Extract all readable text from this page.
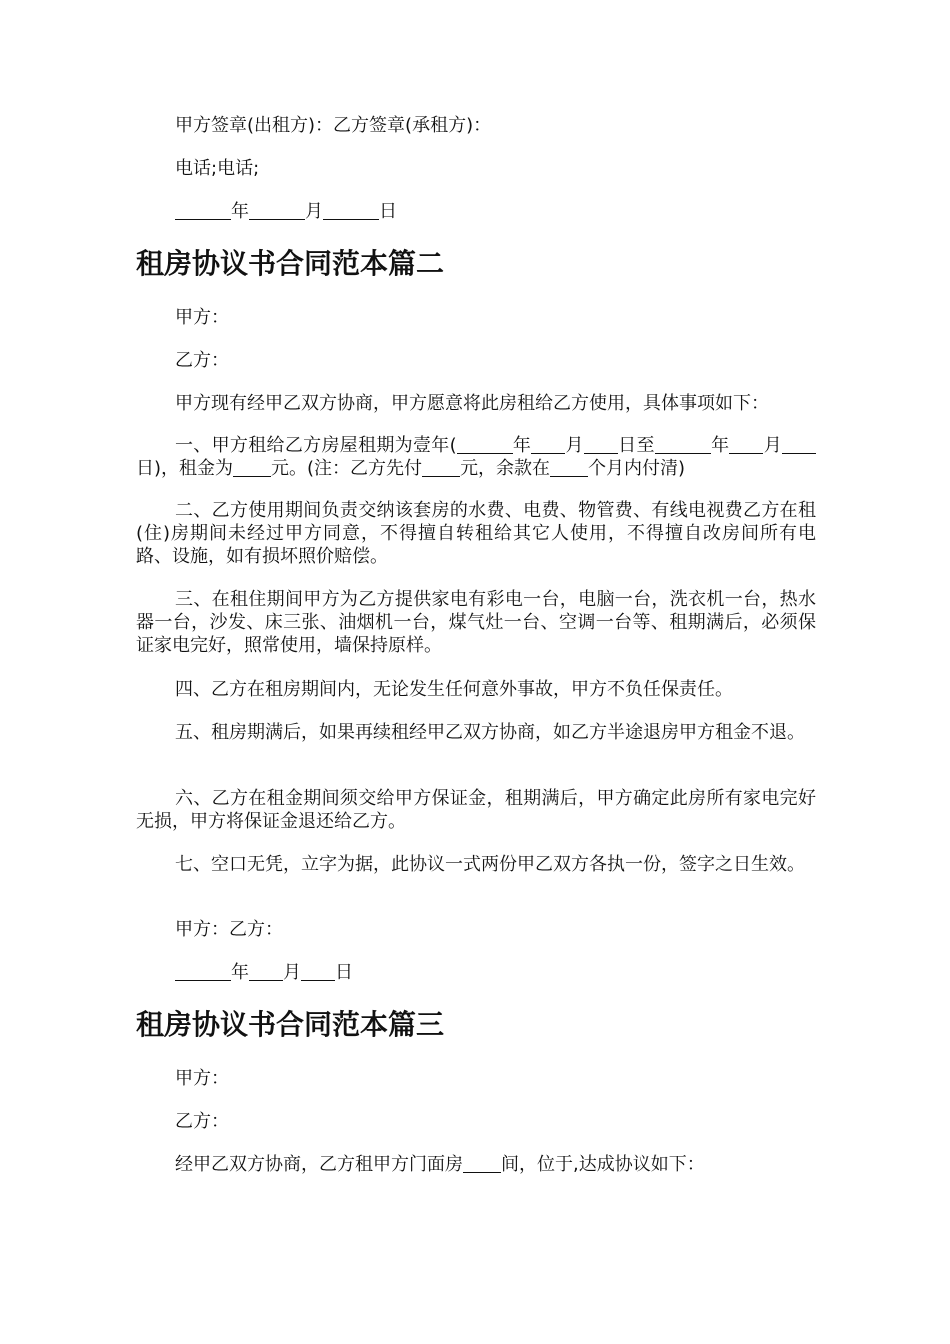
甲方签章(出租方)：乙方签章(承租方)：
电话;电话;
年	月	日
租房协议书合同范本篇二
甲方：
乙方：
甲方现有经甲乙双方协商，甲方愿意将此房租给乙方使用，具体事项如下：
一、甲方租给乙方房屋租期为壹年(	年 月 日至	年 月日)，租金为 元。(注：乙方先付 元，余款在 个月内付清)
二、乙方使用期间负责交纳该套房的水费、电费、物管费、有线电视费乙方在租(住)房期间未经过甲方同意，不得擅自转租给其它人使用，不得擅自改房间所有电路、设施，如有损坏照价赔偿。
三、在租住期间甲方为乙方提供家电有彩电一台，电脑一台，洗衣机一台，热水器一台，沙发、床三张、油烟机一台，煤气灶一台、空调一台等、租期满后，必须保证家电完好，照常使用，墙保持原样。
四、乙方在租房期间内，无论发生任何意外事故，甲方不负任保责任。
五、租房期满后，如果再续租经甲乙双方协商，如乙方半途退房甲方租金不退。
六、乙方在租金期间须交给甲方保证金，租期满后，甲方确定此房所有家电完好无损，甲方将保证金退还给乙方。
七、空口无凭，立字为据，此协议一式两份甲乙双方各执一份，签字之日生效。
甲方：乙方：
年 月 日
租房协议书合同范本篇三
甲方：
乙方：
经甲乙双方协商，乙方租甲方门面房 间，位于,达成协议如下：
